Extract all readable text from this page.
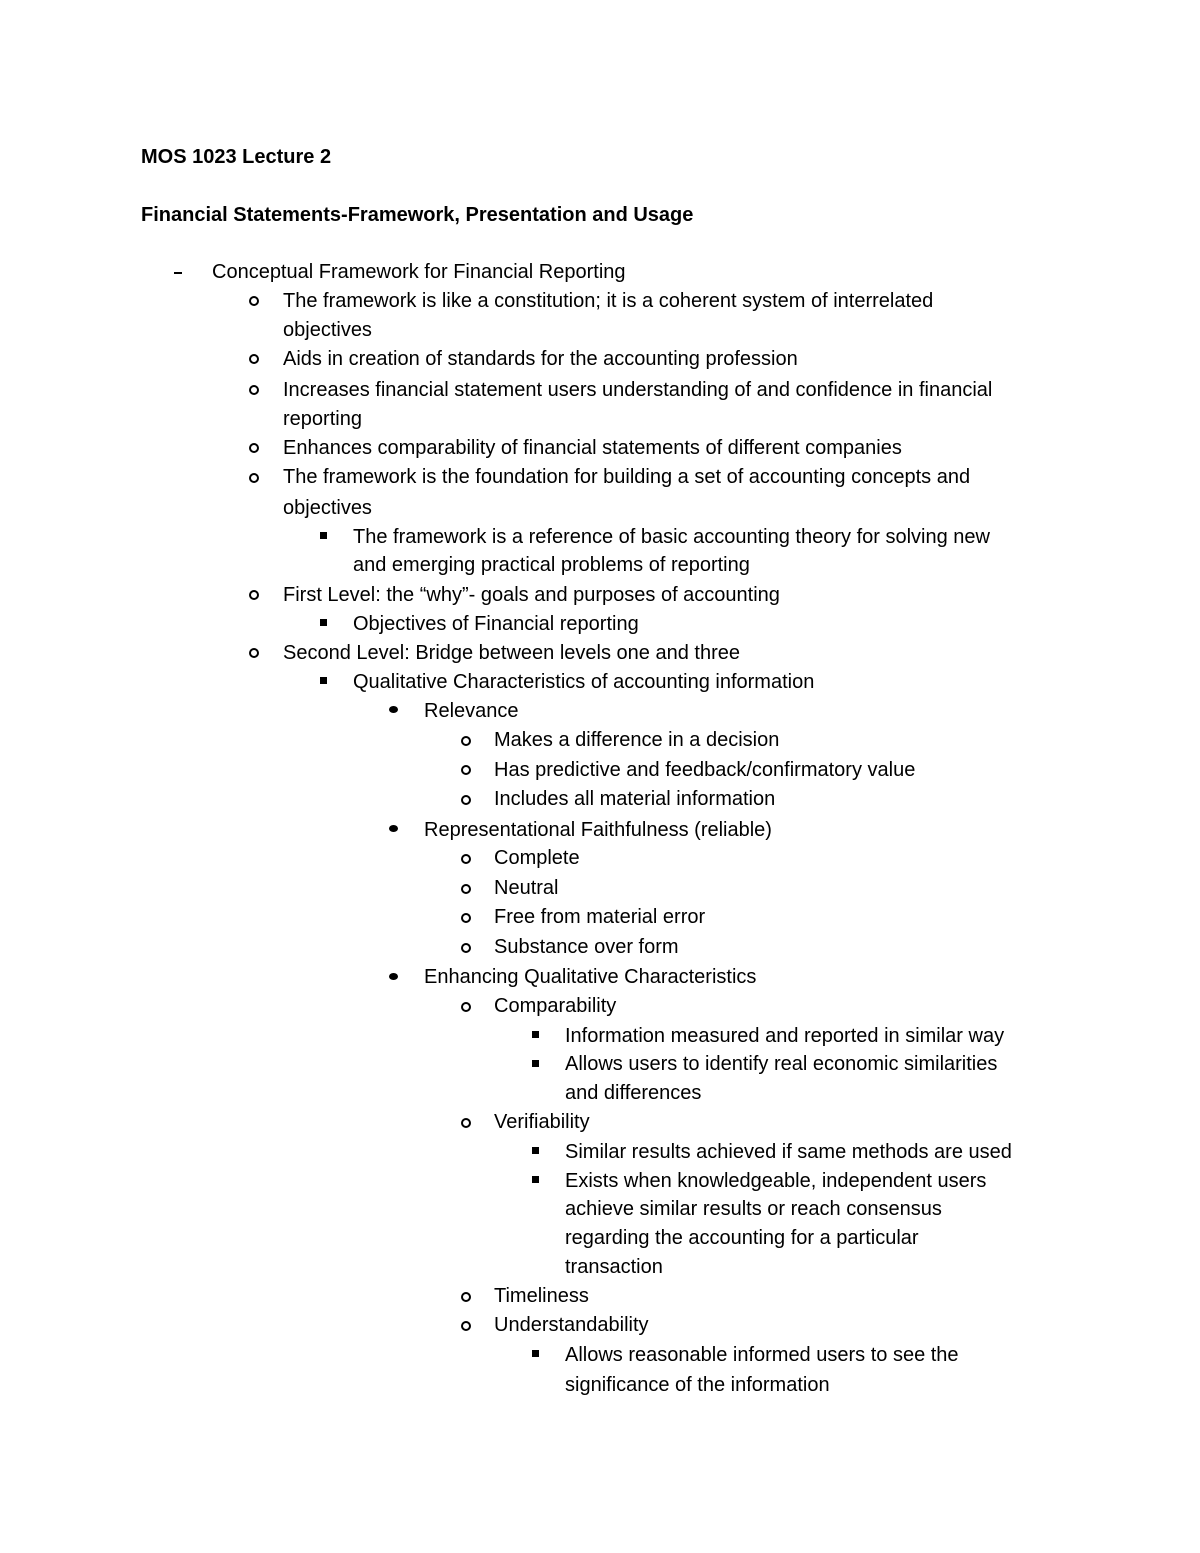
MOS 1023 Lecture 2
Financial Statements-Framework, Presentation and Usage
Conceptual Framework for Financial Reporting
The framework is like a constitution; it is a coherent system of interrelated
objectives
Aids in creation of standards for the accounting profession
Increases financial statement users understanding of and confidence in financial
reporting
Enhances comparability of financial statements of different companies
The framework is the foundation for building a set of accounting concepts and
objectives
The framework is a reference of basic accounting theory for solving new
and emerging practical problems of reporting
First Level: the “why”- goals and purposes of accounting
Objectives of Financial reporting
Second Level: Bridge between levels one and three
Qualitative Characteristics of accounting information
Relevance
Makes a difference in a decision
Has predictive and feedback/confirmatory value
Includes all material information
Representational Faithfulness (reliable)
Complete
Neutral
Free from material error
Substance over form
Enhancing Qualitative Characteristics
Comparability
Information measured and reported in similar way
Allows users to identify real economic similarities
and differences
Verifiability
Similar results achieved if same methods are used
Exists when knowledgeable, independent users
achieve similar results or reach consensus
regarding the accounting for a particular
transaction
Timeliness
Understandability
Allows reasonable informed users to see the
significance of the information
